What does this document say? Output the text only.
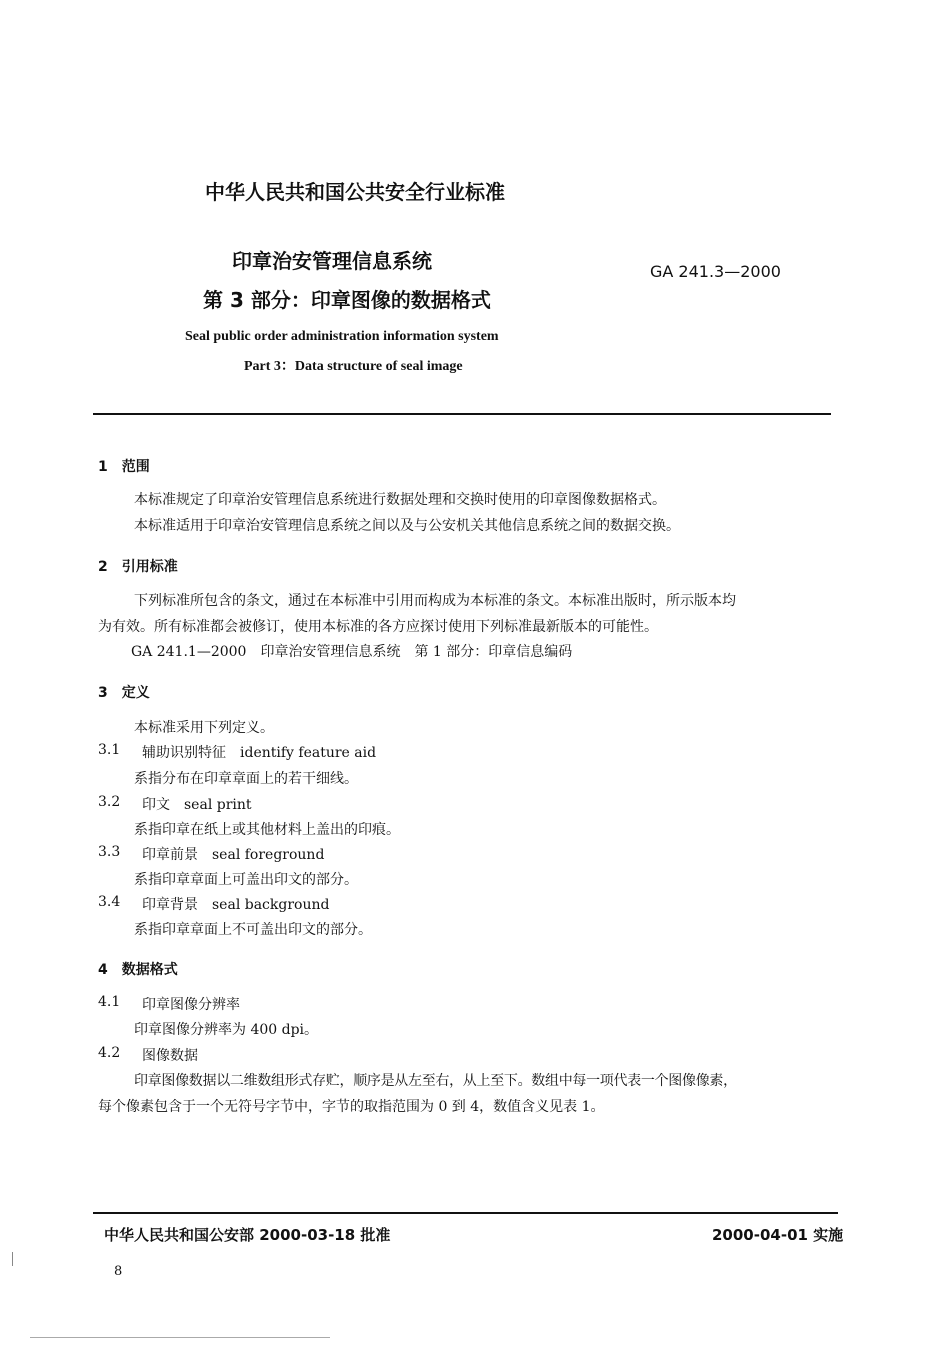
中华人民共和国公共安全行业标准
印章治安管理信息系统
第 3 部分：印章图像的数据格式
GA 241.3—2000
Seal public order administration information system
Part 3：Data structure of seal image
1　范围
本标准规定了印章治安管理信息系统进行数据处理和交换时使用的印章图像数据格式。
本标准适用于印章治安管理信息系统之间以及与公安机关其他信息系统之间的数据交换。
2　引用标准
下列标准所包含的条文，通过在本标准中引用而构成为本标准的条文。本标准出版时，所示版本均
为有效。所有标准都会被修订，使用本标准的各方应探讨使用下列标准最新版本的可能性。
GA 241.1—2000　印章治安管理信息系统　第 1 部分：印章信息编码
3　定义
本标准采用下列定义。
3.1 辅助识别特征　identify feature aid
系指分布在印章章面上的若干细线。
3.2 印文　seal print
系指印章在纸上或其他材料上盖出的印痕。
3.3 印章前景　seal foreground
系指印章章面上可盖出印文的部分。
3.4 印章背景　seal background
系指印章章面上不可盖出印文的部分。
4　数据格式
4.1 印章图像分辨率
印章图像分辨率为 400 dpi。
4.2 图像数据
印章图像数据以二维数组形式存贮，顺序是从左至右，从上至下。数组中每一项代表一个图像像素，
每个像素包含于一个无符号字节中，字节的取指范围为 0 到 4，数值含义见表 1。
中华人民共和国公安部 2000-03-18 批准	2000-04-01 实施
8
